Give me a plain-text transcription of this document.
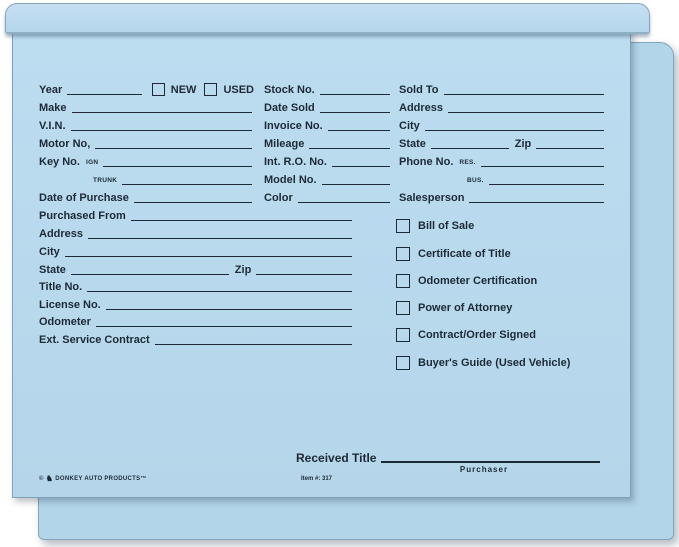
Year	NEW USED Stock No.	Sold To
Make	Date Sold	Address
V.I.N.	Invoice No.	City
Motor No,	Mileage	State	Zip
Key No. IGN	Int. R.O. No.	Phone No. RES.
TRUNK	Model No.	BUS.
Date of Purchase	Color	Salesperson
Purchased From
Address
City
State	Zip
Title No.
License No.
Odometer
Ext. Service Contract
Bill of Sale
Certificate of Title
Odometer Certification
Power of Attorney
Contract/Order Signed
Buyer's Guide (Used Vehicle)
Received Title
Purchaser
© ♞ DONKEY AUTO PRODUCTS™	Item #: 317
